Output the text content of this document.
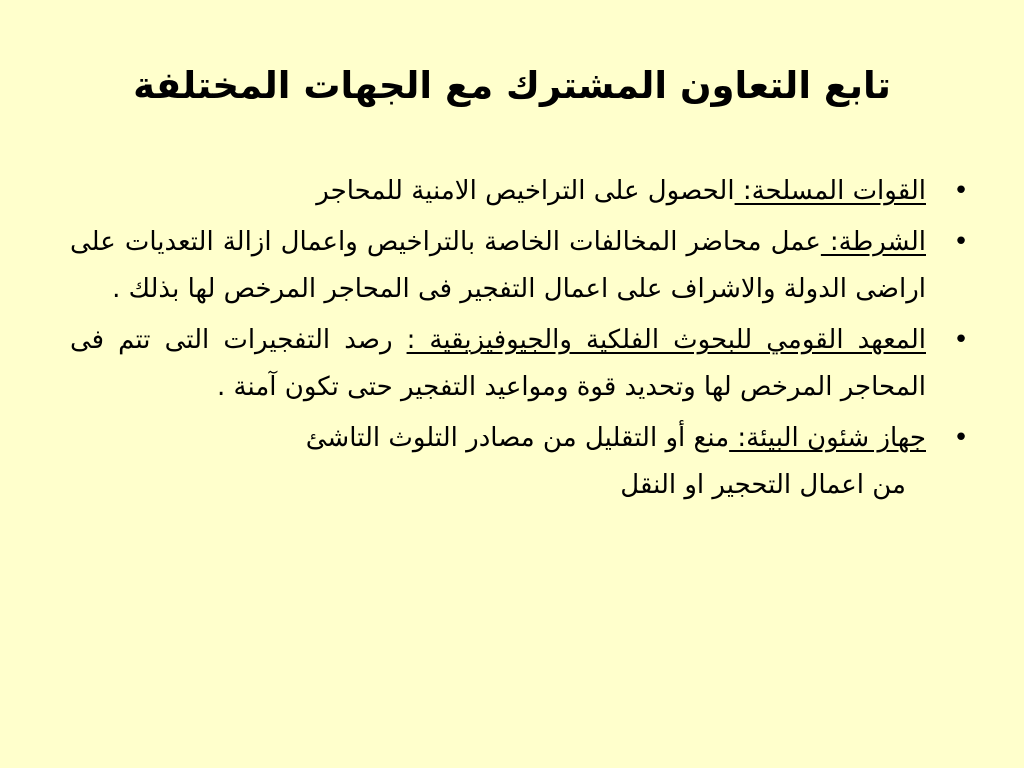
تابع التعاون المشترك مع الجهات المختلفة
•
القوات المسلحة: الحصول على التراخيص الامنية للمحاجر
•
الشرطة: عمل محاضر المخالفات الخاصة بالتراخيص واعمال ازالة التعديات على اراضى الدولة والاشراف على اعمال التفجير فى المحاجر المرخص لها بذلك .
•
المعهد القومي للبحوث الفلكية والجيوفيزيقية : رصد التفجيرات التى تتم فى المحاجر المرخص لها وتحديد قوة ومواعيد التفجير حتى تكون آمنة .
•
جهاز شئون البيئة: منع أو التقليل من مصادر التلوث التاشئ
من اعمال التحجير او النقل
